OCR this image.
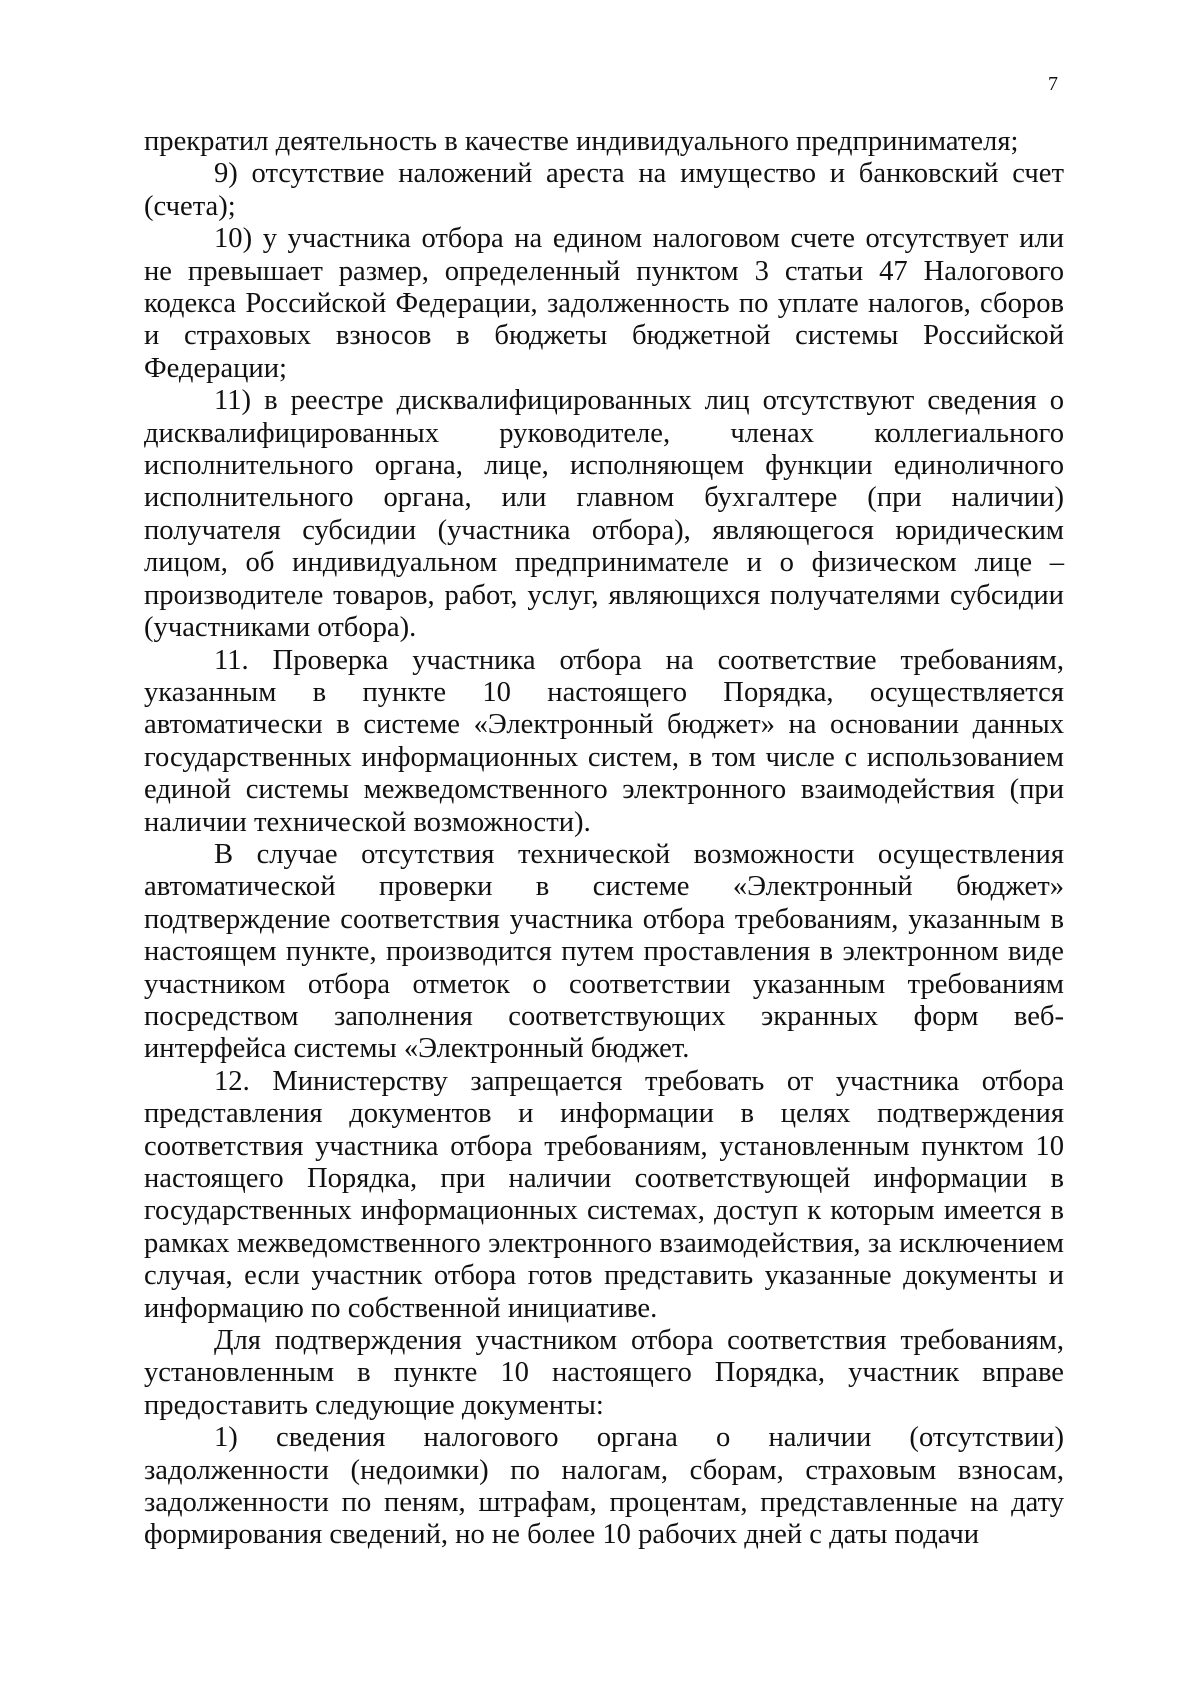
7

прекратил деятельность в качестве индивидуального предпринимателя;

9) отсутствие наложений ареста на имущество и банковский счет (счета);

10) у участника отбора на едином налоговом счете отсутствует или не превышает размер, определенный пунктом 3 статьи 47 Налогового кодекса Российской Федерации, задолженность по уплате налогов, сборов и страховых взносов в бюджеты бюджетной системы Российской Федерации;

11) в реестре дисквалифицированных лиц отсутствуют сведения о дисквалифицированных руководителе, членах коллегиального исполнительного органа, лице, исполняющем функции единоличного исполнительного органа, или главном бухгалтере (при наличии) получателя субсидии (участника отбора), являющегося юридическим лицом, об индивидуальном предпринимателе и о физическом лице – производителе товаров, работ, услуг, являющихся получателями субсидии (участниками отбора).

11. Проверка участника отбора на соответствие требованиям, указанным в пункте 10 настоящего Порядка, осуществляется автоматически в системе «Электронный бюджет» на основании данных государственных информационных систем, в том числе с использованием единой системы межведомственного электронного взаимодействия (при наличии технической возможности).

В случае отсутствия технической возможности осуществления автоматической проверки в системе «Электронный бюджет» подтверждение соответствия участника отбора требованиям, указанным в настоящем пункте, производится путем проставления в электронном виде участником отбора отметок о соответствии указанным требованиям посредством заполнения соответствующих экранных форм веб-интерфейса системы «Электронный бюджет.

12. Министерству запрещается требовать от участника отбора представления документов и информации в целях подтверждения соответствия участника отбора требованиям, установленным пунктом 10 настоящего Порядка, при наличии соответствующей информации в государственных информационных системах, доступ к которым имеется в рамках межведомственного электронного взаимодействия, за исключением случая, если участник отбора готов представить указанные документы и информацию по собственной инициативе.

Для подтверждения участником отбора соответствия требованиям, установленным в пункте 10 настоящего Порядка, участник вправе предоставить следующие документы:

1) сведения налогового органа о наличии (отсутствии) задолженности (недоимки) по налогам, сборам, страховым взносам, задолженности по пеням, штрафам, процентам, представленные на дату формирования сведений, но не более 10 рабочих дней с даты подачи
